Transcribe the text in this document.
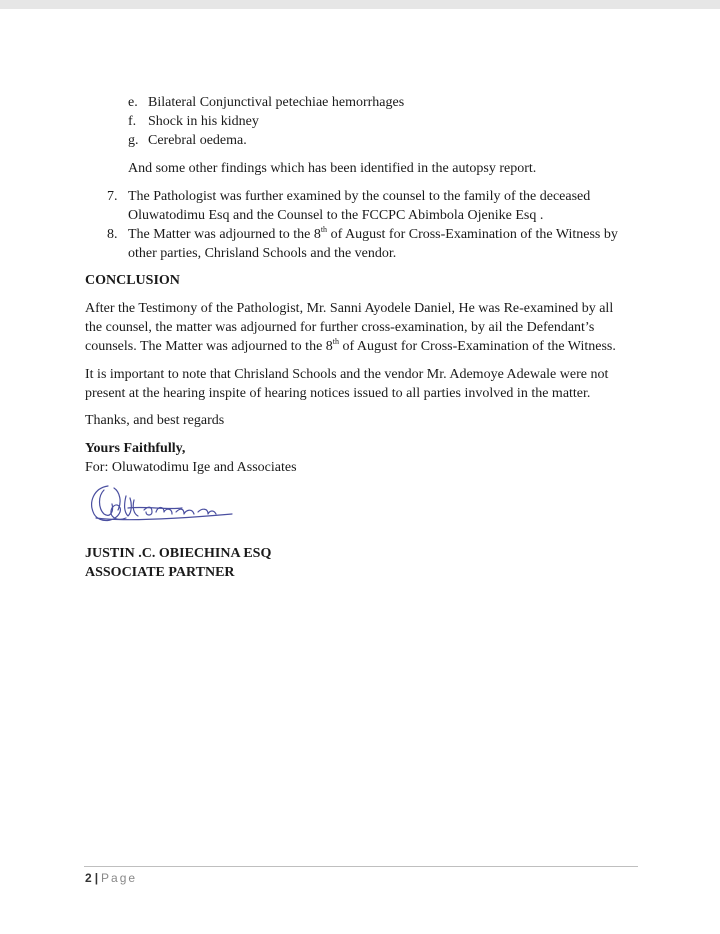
e. Bilateral Conjunctival petechiae hemorrhages
f. Shock in his kidney
g. Cerebral oedema.
And some other findings which has been identified in the autopsy report.
7. The Pathologist was further examined by the counsel to the family of the deceased
Oluwatodimu Esq and the Counsel to the FCCPC Abimbola Ojenike Esq .
8. The Matter was adjourned to the 8th of August for Cross-Examination of the Witness by
other parties, Chrisland Schools and the vendor.
CONCLUSION
After the Testimony of the Pathologist, Mr. Sanni Ayodele Daniel, He was Re-examined by all
the counsel, the matter was adjourned for further cross-examination, by ail the Defendant’s
counsels. The Matter was adjourned to the 8th of August for Cross-Examination of the Witness.
It is important to note that Chrisland Schools and the vendor Mr. Ademoye Adewale were not
present at the hearing inspite of hearing notices issued to all parties involved in the matter.
Thanks, and best regards
Yours Faithfully,
For: Oluwatodimu Ige and Associates
JUSTIN .C. OBIECHINA ESQ
ASSOCIATE PARTNER
2 | Page
